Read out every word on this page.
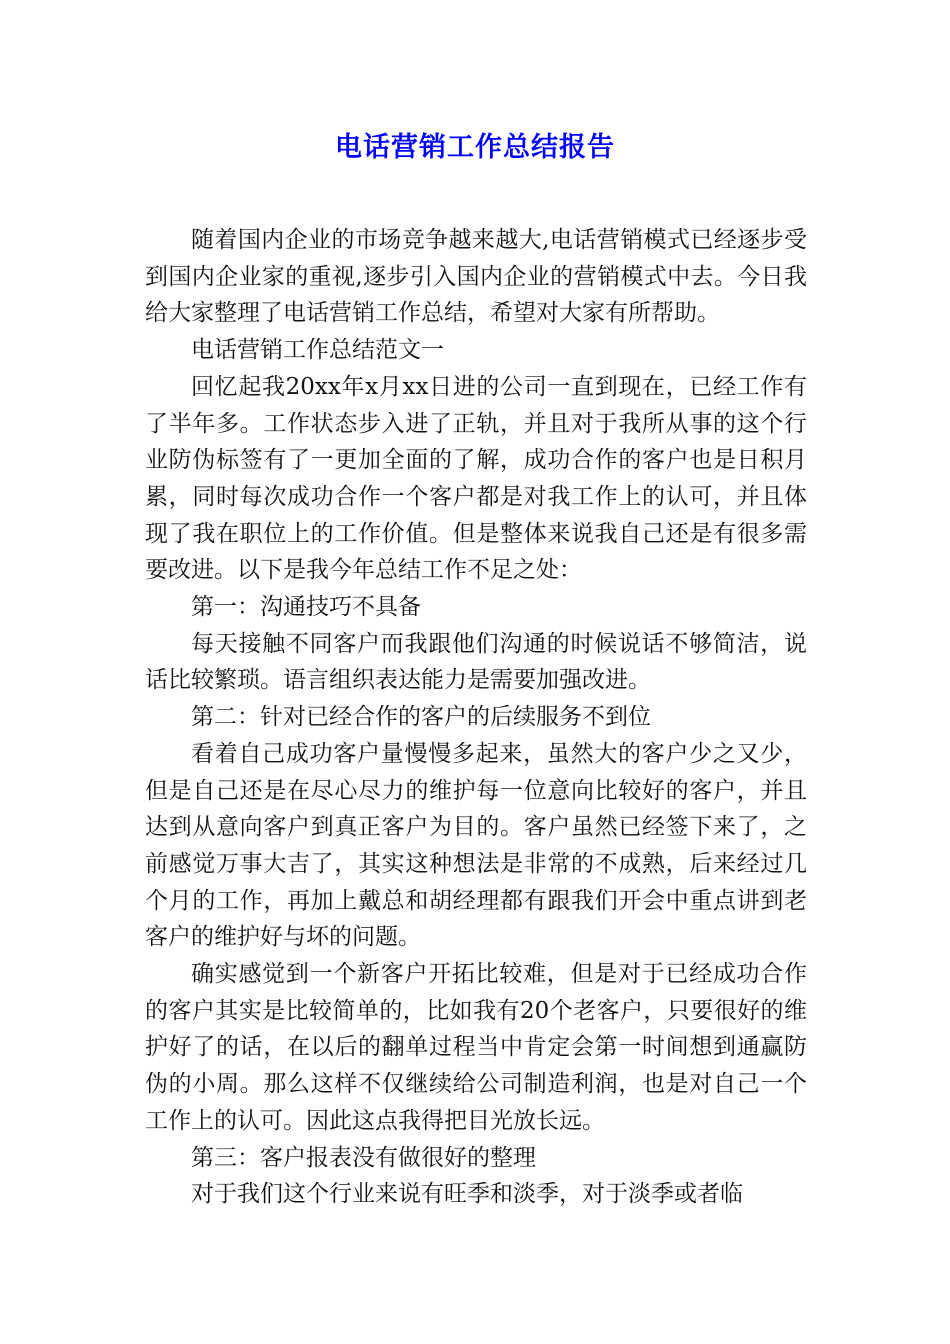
电话营销工作总结报告

随着国内企业的市场竞争越来越大,电话营销模式已经逐步受到国内企业家的重视,逐步引入国内企业的营销模式中去。今日我给大家整理了电话营销工作总结，希望对大家有所帮助。

电话营销工作总结范文一

回忆起我20xx年x月xx日进的公司一直到现在，已经工作有了半年多。工作状态步入进了正轨，并且对于我所从事的这个行业防伪标签有了一更加全面的了解，成功合作的客户也是日积月累，同时每次成功合作一个客户都是对我工作上的认可，并且体现了我在职位上的工作价值。但是整体来说我自己还是有很多需要改进。以下是我今年总结工作不足之处：

第一：沟通技巧不具备

每天接触不同客户而我跟他们沟通的时候说话不够简洁，说话比较繁琐。语言组织表达能力是需要加强改进。

第二：针对已经合作的客户的后续服务不到位

看着自己成功客户量慢慢多起来，虽然大的客户少之又少，但是自己还是在尽心尽力的维护每一位意向比较好的客户，并且达到从意向客户到真正客户为目的。客户虽然已经签下来了，之前感觉万事大吉了，其实这种想法是非常的不成熟，后来经过几个月的工作，再加上戴总和胡经理都有跟我们开会中重点讲到老客户的维护好与坏的问题。

确实感觉到一个新客户开拓比较难，但是对于已经成功合作的客户其实是比较简单的，比如我有20个老客户，只要很好的维护好了的话，在以后的翻单过程当中肯定会第一时间想到通赢防伪的小周。那么这样不仅继续给公司制造利润，也是对自己一个工作上的认可。因此这点我得把目光放长远。

第三：客户报表没有做很好的整理

对于我们这个行业来说有旺季和淡季，对于淡季或者临
